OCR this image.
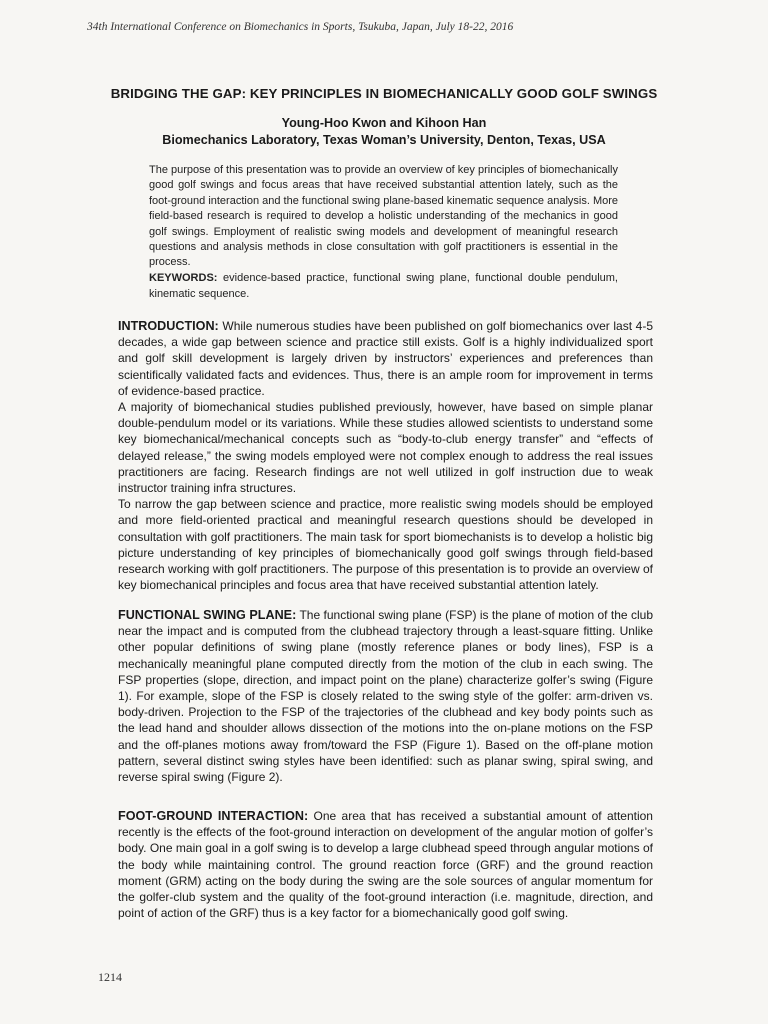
34th International Conference on Biomechanics in Sports, Tsukuba, Japan, July 18-22, 2016
BRIDGING THE GAP: KEY PRINCIPLES IN BIOMECHANICALLY GOOD GOLF SWINGS
Young-Hoo Kwon and Kihoon Han
Biomechanics Laboratory, Texas Woman’s University, Denton, Texas, USA
The purpose of this presentation was to provide an overview of key principles of biomechanically good golf swings and focus areas that have received substantial attention lately, such as the foot-ground interaction and the functional swing plane-based kinematic sequence analysis. More field-based research is required to develop a holistic understanding of the mechanics in good golf swings. Employment of realistic swing models and development of meaningful research questions and analysis methods in close consultation with golf practitioners is essential in the process.
KEYWORDS: evidence-based practice, functional swing plane, functional double pendulum, kinematic sequence.

INTRODUCTION: While numerous studies have been published on golf biomechanics over last 4-5 decades, a wide gap between science and practice still exists. Golf is a highly individualized sport and golf skill development is largely driven by instructors’ experiences and preferences than scientifically validated facts and evidences. Thus, there is an ample room for improvement in terms of evidence-based practice.

A majority of biomechanical studies published previously, however, have based on simple planar double-pendulum model or its variations. While these studies allowed scientists to understand some key biomechanical/mechanical concepts such as “body-to-club energy transfer” and “effects of delayed release,” the swing models employed were not complex enough to address the real issues practitioners are facing. Research findings are not well utilized in golf instruction due to weak instructor training infra structures.

To narrow the gap between science and practice, more realistic swing models should be employed and more field-oriented practical and meaningful research questions should be developed in consultation with golf practitioners. The main task for sport biomechanists is to develop a holistic big picture understanding of key principles of biomechanically good golf swings through field-based research working with golf practitioners. The purpose of this presentation is to provide an overview of key biomechanical principles and focus area that have received substantial attention lately.

FUNCTIONAL SWING PLANE: The functional swing plane (FSP) is the plane of motion of the club near the impact and is computed from the clubhead trajectory through a least-square fitting. Unlike other popular definitions of swing plane (mostly reference planes or body lines), FSP is a mechanically meaningful plane computed directly from the motion of the club in each swing. The FSP properties (slope, direction, and impact point on the plane) characterize golfer’s swing (Figure 1). For example, slope of the FSP is closely related to the swing style of the golfer: arm-driven vs. body-driven. Projection to the FSP of the trajectories of the clubhead and key body points such as the lead hand and shoulder allows dissection of the motions into the on-plane motions on the FSP and the off-planes motions away from/toward the FSP (Figure 1). Based on the off-plane motion pattern, several distinct swing styles have been identified: such as planar swing, spiral swing, and reverse spiral swing (Figure 2).

FOOT-GROUND INTERACTION: One area that has received a substantial amount of attention recently is the effects of the foot-ground interaction on development of the angular motion of golfer’s body. One main goal in a golf swing is to develop a large clubhead speed through angular motions of the body while maintaining control. The ground reaction force (GRF) and the ground reaction moment (GRM) acting on the body during the swing are the sole sources of angular momentum for the golfer-club system and the quality of the foot-ground interaction (i.e. magnitude, direction, and point of action of the GRF) thus is a key factor for a biomechanically good golf swing.

1214
